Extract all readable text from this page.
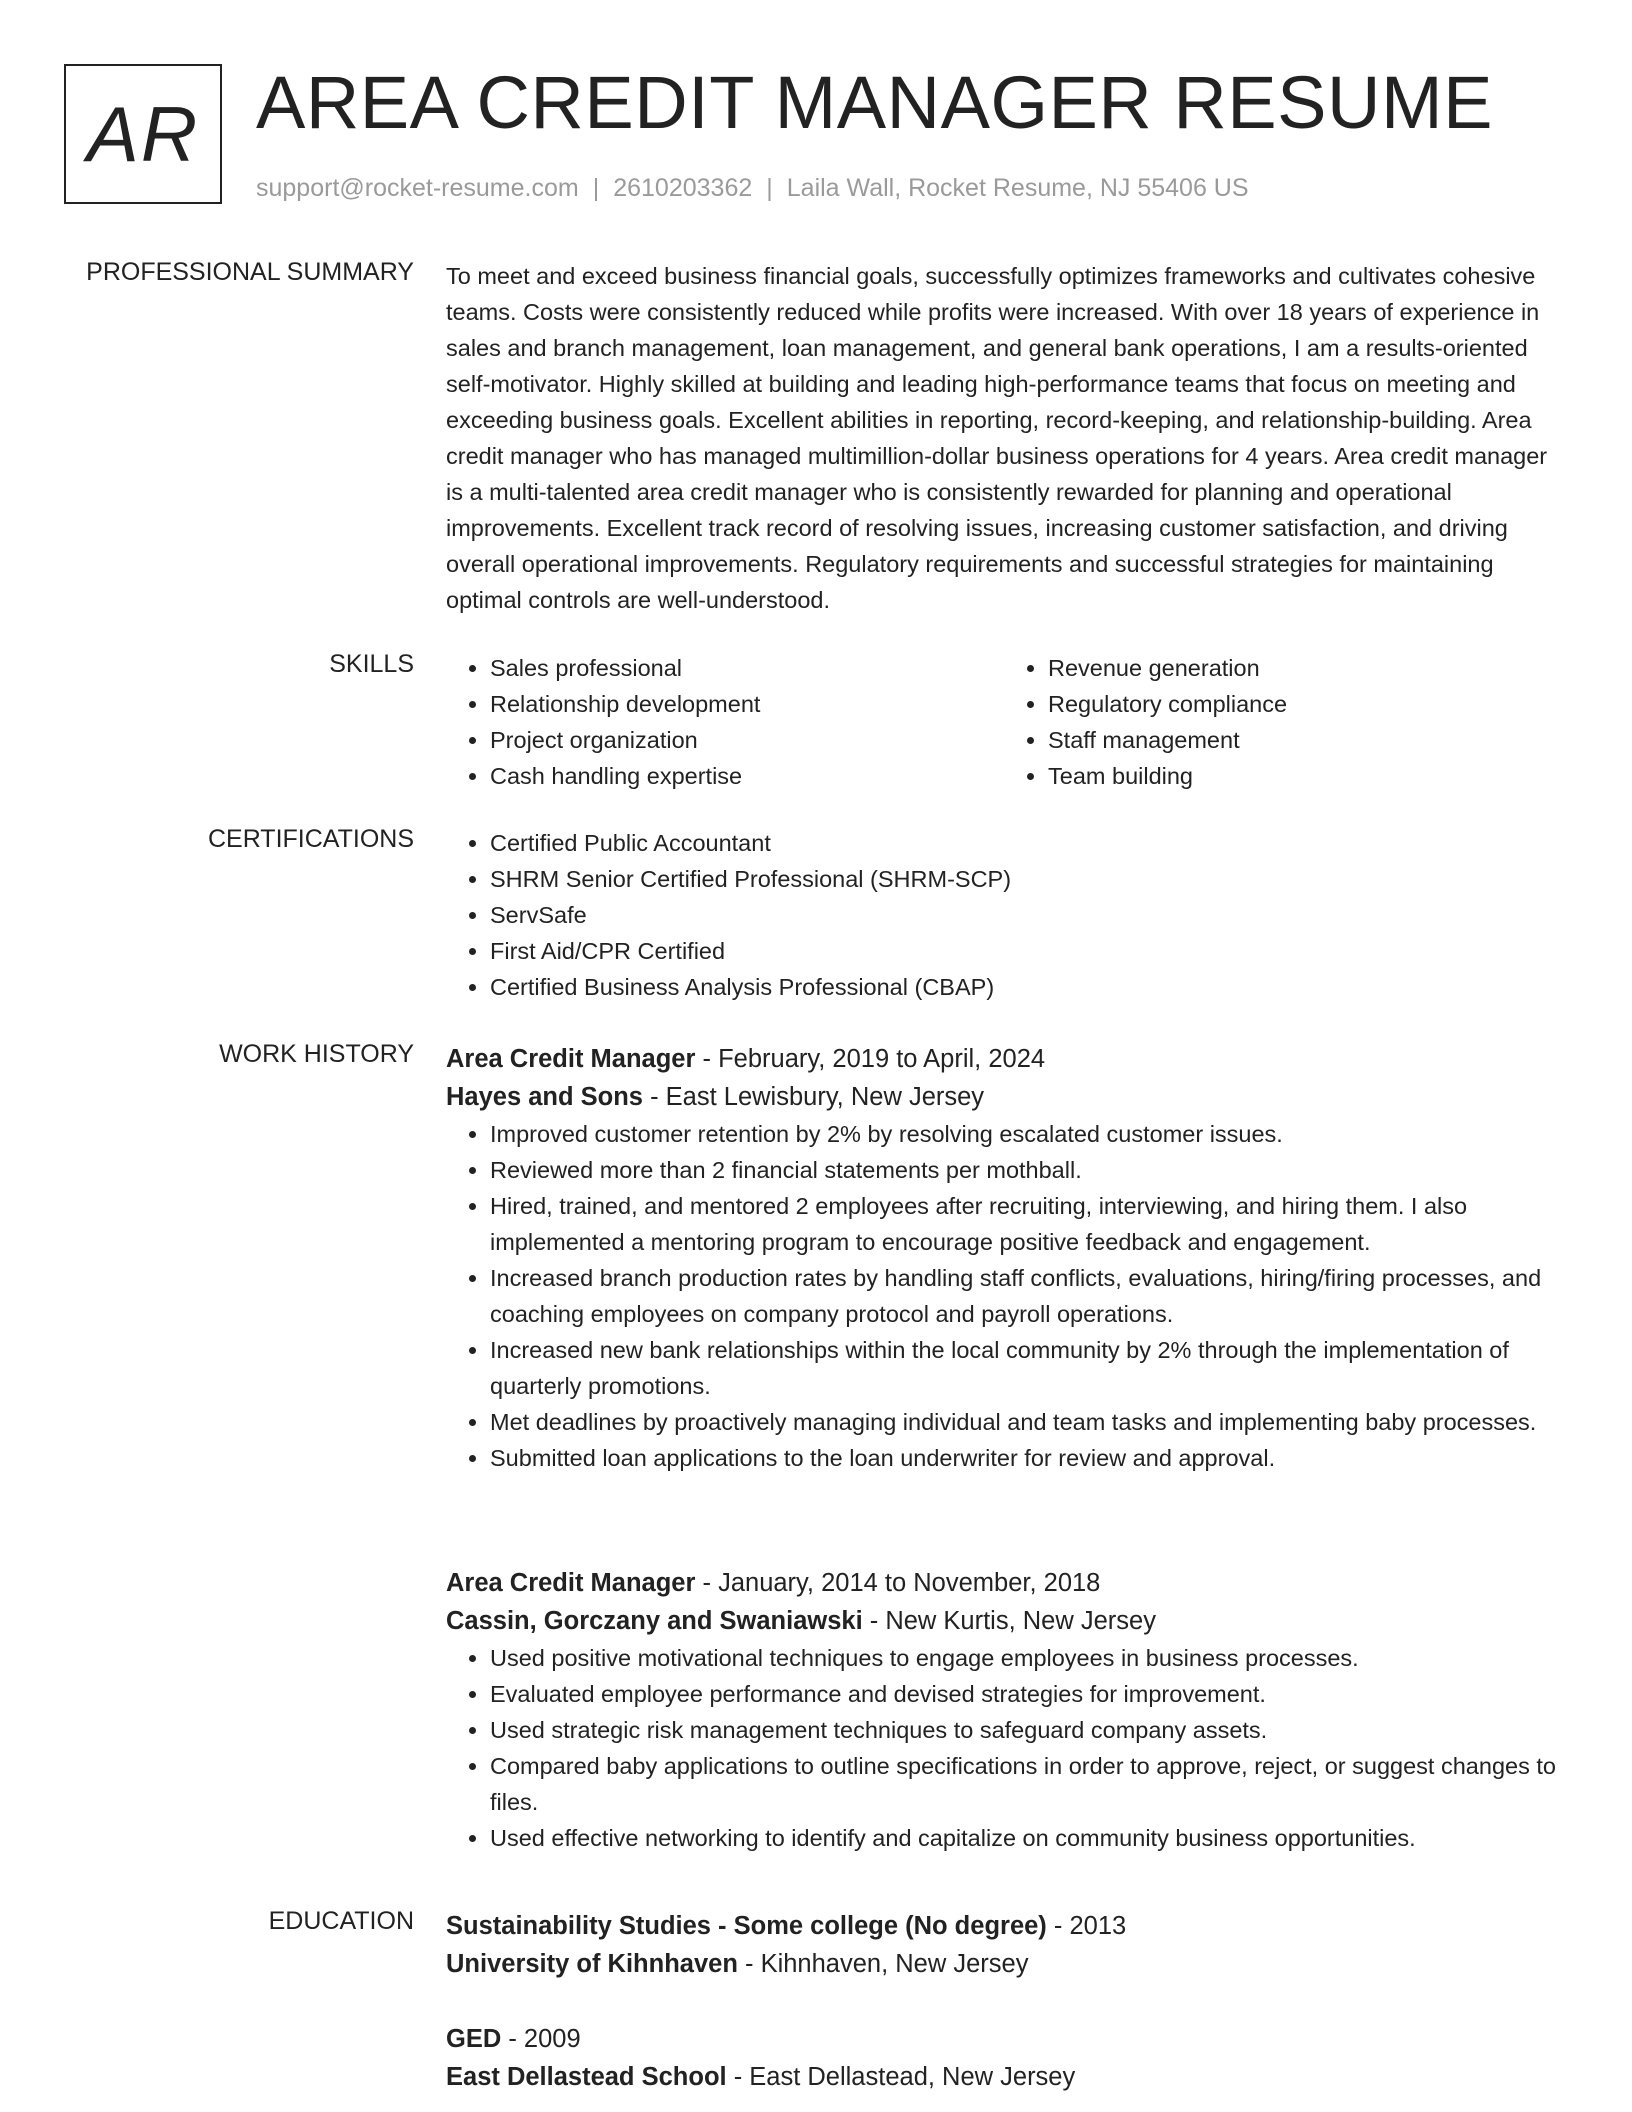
AR AREA CREDIT MANAGER RESUME
support@rocket-resume.com | 2610203362 | Laila Wall, Rocket Resume, NJ 55406 US
PROFESSIONAL SUMMARY To meet and exceed business financial goals, successfully optimizes frameworks and cultivates cohesive teams. Costs were consistently reduced while profits were increased. With over 18 years of experience in sales and branch management, loan management, and general bank operations, I am a results-oriented self-motivator. Highly skilled at building and leading high-performance teams that focus on meeting and exceeding business goals. Excellent abilities in reporting, record-keeping, and relationship-building. Area credit manager who has managed multimillion-dollar business operations for 4 years. Area credit manager is a multi-talented area credit manager who is consistently rewarded for planning and operational improvements. Excellent track record of resolving issues, increasing customer satisfaction, and driving overall operational improvements. Regulatory requirements and successful strategies for maintaining optimal controls are well-understood.

SKILLS	• Sales professional
• Relationship development
• Project organization
• Cash handling expertise
• Revenue generation
• Regulatory compliance
• Staff management
• Team building
CERTIFICATIONS	• Certified Public Accountant
• SHRM Senior Certified Professional (SHRM-SCP)
• ServSafe
• First Aid/CPR Certified
• Certified Business Analysis Professional (CBAP)
WORK HISTORY Area Credit Manager - February, 2019 to April, 2024
Hayes and Sons - East Lewisbury, New Jersey
• Improved customer retention by 2% by resolving escalated customer issues.
• Reviewed more than 2 financial statements per mothball.
• Hired, trained, and mentored 2 employees after recruiting, interviewing, and hiring them. I also implemented a mentoring program to encourage positive feedback and engagement.
• Increased branch production rates by handling staff conflicts, evaluations, hiring/firing processes, and coaching employees on company protocol and payroll operations.
• Increased new bank relationships within the local community by 2% through the implementation of quarterly promotions.
• Met deadlines by proactively managing individual and team tasks and implementing baby processes.
• Submitted loan applications to the loan underwriter for review and approval.
Area Credit Manager - January, 2014 to November, 2018
Cassin, Gorczany and Swaniawski - New Kurtis, New Jersey
• Used positive motivational techniques to engage employees in business processes.
• Evaluated employee performance and devised strategies for improvement.
• Used strategic risk management techniques to safeguard company assets.
• Compared baby applications to outline specifications in order to approve, reject, or suggest changes to files.
• Used effective networking to identify and capitalize on community business opportunities.
EDUCATION Sustainability Studies - Some college (No degree) - 2013
University of Kihnhaven - Kihnhaven, New Jersey
GED - 2009
East Dellastead School - East Dellastead, New Jersey
